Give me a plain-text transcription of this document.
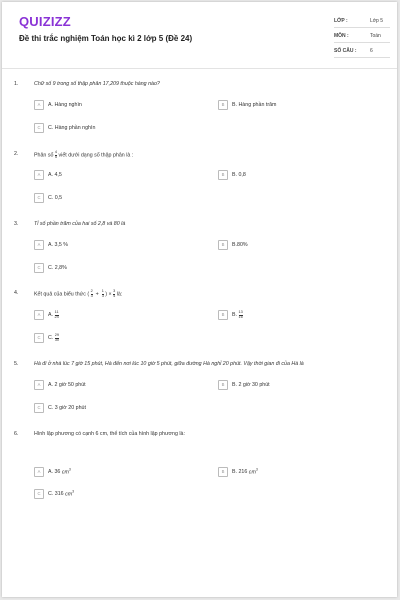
QUIZIZZ
Đề thi trắc nghiệm Toán học kì 2 lớp 5 (Đề 24)
LỚP :	Lớp 5
MÔN :	Toán
SỐ CÂU :	6
1.	Chữ số 9 trong số thập phân 17,209 thuộc hàng nào?
A A. Hàng nghìn	B B. Hàng phần trăm
C C. Hàng phần nghìn
2.	Phân số $\frac{4}{5}$ viết dưới dạng số thập phân là :
A A. 4,5	B B. 0,8
C C. 0,5
3.	Tỉ số phần trăm của hai số 2,8 và 80 là
A A. 3,5 %	B B.80%
C C. 2,8%
4.	Kết quả của biểu thức ( $\frac{2}{3} + \frac{1}{3}$ ) × $\frac{3}{4}$ là:
A A. $\frac{11}{24}$	B B. $\frac{13}{16}$
C C. $\frac{29}{30}$
5.	Hà đi ở nhà lúc 7 giờ 15 phút, Hà đến nơi lúc 10 giờ 5 phút, giữa đường Hà nghỉ 20 phút. Vậy thời gian đi của Hà là
A A. 2 giờ 50 phút	B B. 2 giờ 30 phút
C C. 3 giờ 20 phút
6.	Hình lập phương có cạnh 6 cm, thể tích của hình lập phương là:
A A. 36 $cm^3$	B B. 216 $cm^3$
C C. 316 $cm^3$
